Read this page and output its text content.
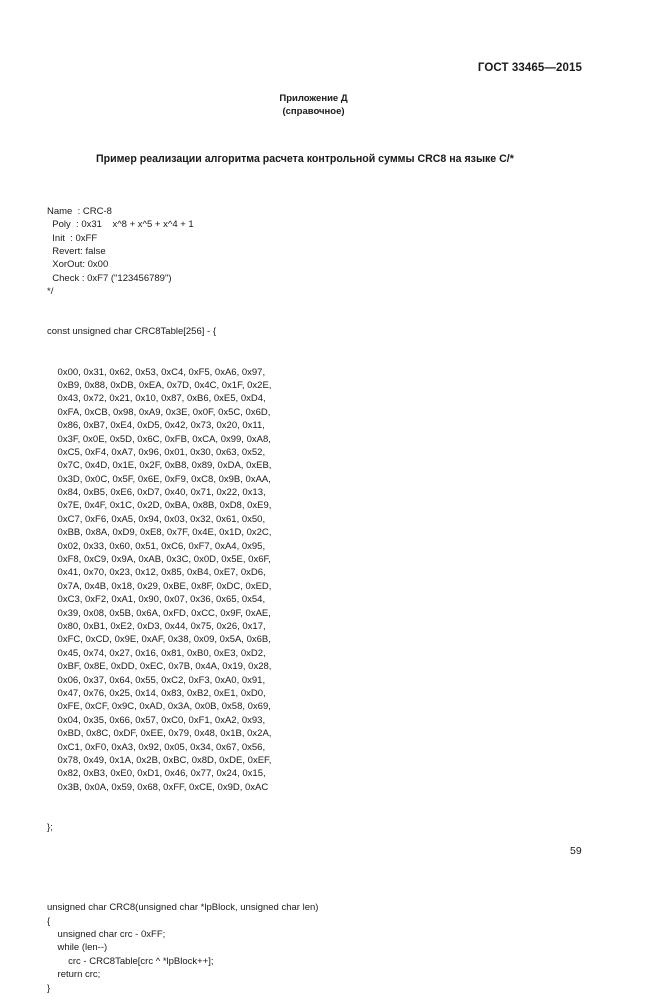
ГОСТ 33465—2015
Приложение Д
(справочное)
Пример реализации алгоритма расчета контрольной суммы CRC8 на языке С/*

Name  : CRC-8
Poly  : 0x31    x^8 + x^5 + x^4 + 1
Init  : 0xFF
Revert: false
XorOut: 0x00
Check : 0xF7 ("123456789")
*/

const unsigned char CRC8Table[256] - {

0x00, 0x31, 0x62, 0x53, 0xC4, 0xF5, 0xA6, 0x97,
0xB9, 0x88, 0xDB, 0xEA, 0x7D, 0x4C, 0x1F, 0x2E,
0x43, 0x72, 0x21, 0x10, 0x87, 0xB6, 0xE5, 0xD4,
0xFA, 0xCB, 0x98, 0xA9, 0x3E, 0x0F, 0x5C, 0x6D,
0x86, 0xB7, 0xE4, 0xD5, 0x42, 0x73, 0x20, 0x11,
0x3F, 0x0E, 0x5D, 0x6C, 0xFB, 0xCA, 0x99, 0xA8,
0xC5, 0xF4, 0xA7, 0x96, 0x01, 0x30, 0x63, 0x52,
0x7C, 0x4D, 0x1E, 0x2F, 0xB8, 0x89, 0xDA, 0xEB,
0x3D, 0x0C, 0x5F, 0x6E, 0xF9, 0xC8, 0x9B, 0xAA,
0x84, 0xB5, 0xE6, 0xD7, 0x40, 0x71, 0x22, 0x13,
0x7E, 0x4F, 0x1C, 0x2D, 0xBA, 0x8B, 0xD8, 0xE9,
0xC7, 0xF6, 0xA5, 0x94, 0x03, 0x32, 0x61, 0x50,
0xBB, 0x8A, 0xD9, 0xE8, 0x7F, 0x4E, 0x1D, 0x2C,
0x02, 0x33, 0x60, 0x51, 0xC6, 0xF7, 0xA4, 0x95,
0xF8, 0xC9, 0x9A, 0xAB, 0x3C, 0x0D, 0x5E, 0x6F,
0x41, 0x70, 0x23, 0x12, 0x85, 0xB4, 0xE7, 0xD6,
0x7A, 0x4B, 0x18, 0x29, 0xBE, 0x8F, 0xDC, 0xED,
0xC3, 0xF2, 0xA1, 0x90, 0x07, 0x36, 0x65, 0x54,
0x39, 0x08, 0x5B, 0x6A, 0xFD, 0xCC, 0x9F, 0xAE,
0x80, 0xB1, 0xE2, 0xD3, 0x44, 0x75, 0x26, 0x17,
0xFC, 0xCD, 0x9E, 0xAF, 0x38, 0x09, 0x5A, 0x6B,
0x45, 0x74, 0x27, 0x16, 0x81, 0xB0, 0xE3, 0xD2,
0xBF, 0x8E, 0xDD, 0xEC, 0x7B, 0x4A, 0x19, 0x28,
0x06, 0x37, 0x64, 0x55, 0xC2, 0xF3, 0xA0, 0x91,
0x47, 0x76, 0x25, 0x14, 0x83, 0xB2, 0xE1, 0xD0,
0xFE, 0xCF, 0x9C, 0xAD, 0x3A, 0x0B, 0x58, 0x69,
0x04, 0x35, 0x66, 0x57, 0xC0, 0xF1, 0xA2, 0x93,
0xBD, 0x8C, 0xDF, 0xEE, 0x79, 0x48, 0x1B, 0x2A,
0xC1, 0xF0, 0xA3, 0x92, 0x05, 0x34, 0x67, 0x56,
0x78, 0x49, 0x1A, 0x2B, 0xBC, 0x8D, 0xDE, 0xEF,
0x82, 0xB3, 0xE0, 0xD1, 0x46, 0x77, 0x24, 0x15,
0x3B, 0x0A, 0x59, 0x68, 0xFF, 0xCE, 0x9D, 0xAC

};

unsigned char CRC8(unsigned char *lpBlock, unsigned char len)
{
unsigned char crc - 0xFF;
while (len--)
crc - CRC8Table[crc ^ *lpBlock++];
return crc;
}

59
